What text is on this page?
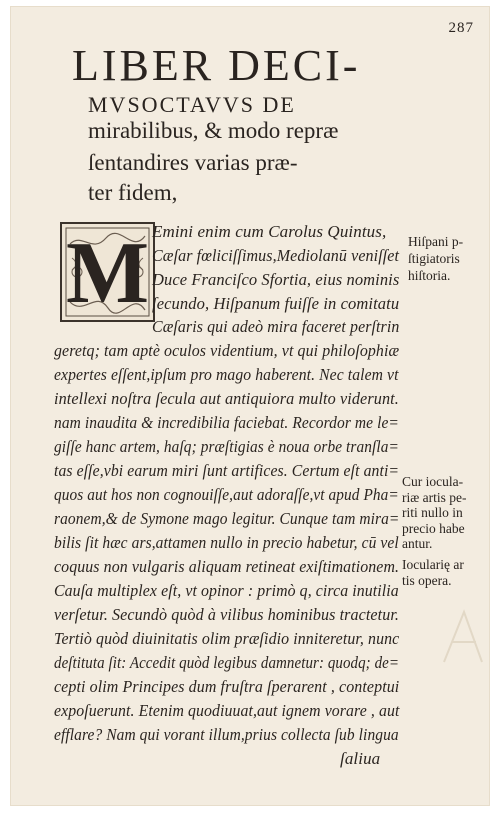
287
LIBER DECI-
MVSOCTAVVS DE
mirabilibus, & modo repræ
ſentandires varias præ-
ter fidem,
M Emini enim cum Carolus Quintus,
Cæſar fœliciſſimus,Mediolanū veniſſet
Duce Franciſco Sfortia, eius nominis
ſecundo, Hiſpanum fuiſſe in comitatu
Cæſaris qui adeò mira faceret perſtrin
geretq; tam aptè oculos videntium, vt qui philoſophiæ
expertes eſſent,ipſum pro mago haberent. Nec talem vt
intellexi noſtra ſecula aut antiquiora multo viderunt.
nam inaudita & incredibilia faciebat. Recordor me le=
giſſe hanc artem, haſq; præſtigias è noua orbe tranſla=
tas eſſe,vbi earum miri ſunt artifices. Certum eſt anti=
quos aut hos non cognouiſſe,aut adoraſſe,vt apud Pha=
raonem,& de Symone mago legitur. Cunque tam mira=
bilis ſit hæc ars,attamen nullo in precio habetur, cū vel
coquus non vulgaris aliquam retineat exiſtimationem.
Cauſa multiplex eſt, vt opinor : primò q, circa inutilia
verſetur. Secundò quòd à vilibus hominibus tractetur.
Tertiò quòd diuinitatis olim præſidio inniteretur, nunc
deſtituta ſit: Accedit quòd legibus damnetur: quodq; de=
cepti olim Principes dum fruſtra ſperarent , conteptui
expoſuerunt. Etenim quodiuuat,aut ignem vorare , aut
efflare? Nam qui vorant illum,prius collecta ſub lingua
ſaliua
Hiſpani p-
ſtigiatoris
hiſtoria.
Cur iocula-
riæ artis pe-
riti nullo in
precio habe
antur.
Iocularię ar
tis opera.
